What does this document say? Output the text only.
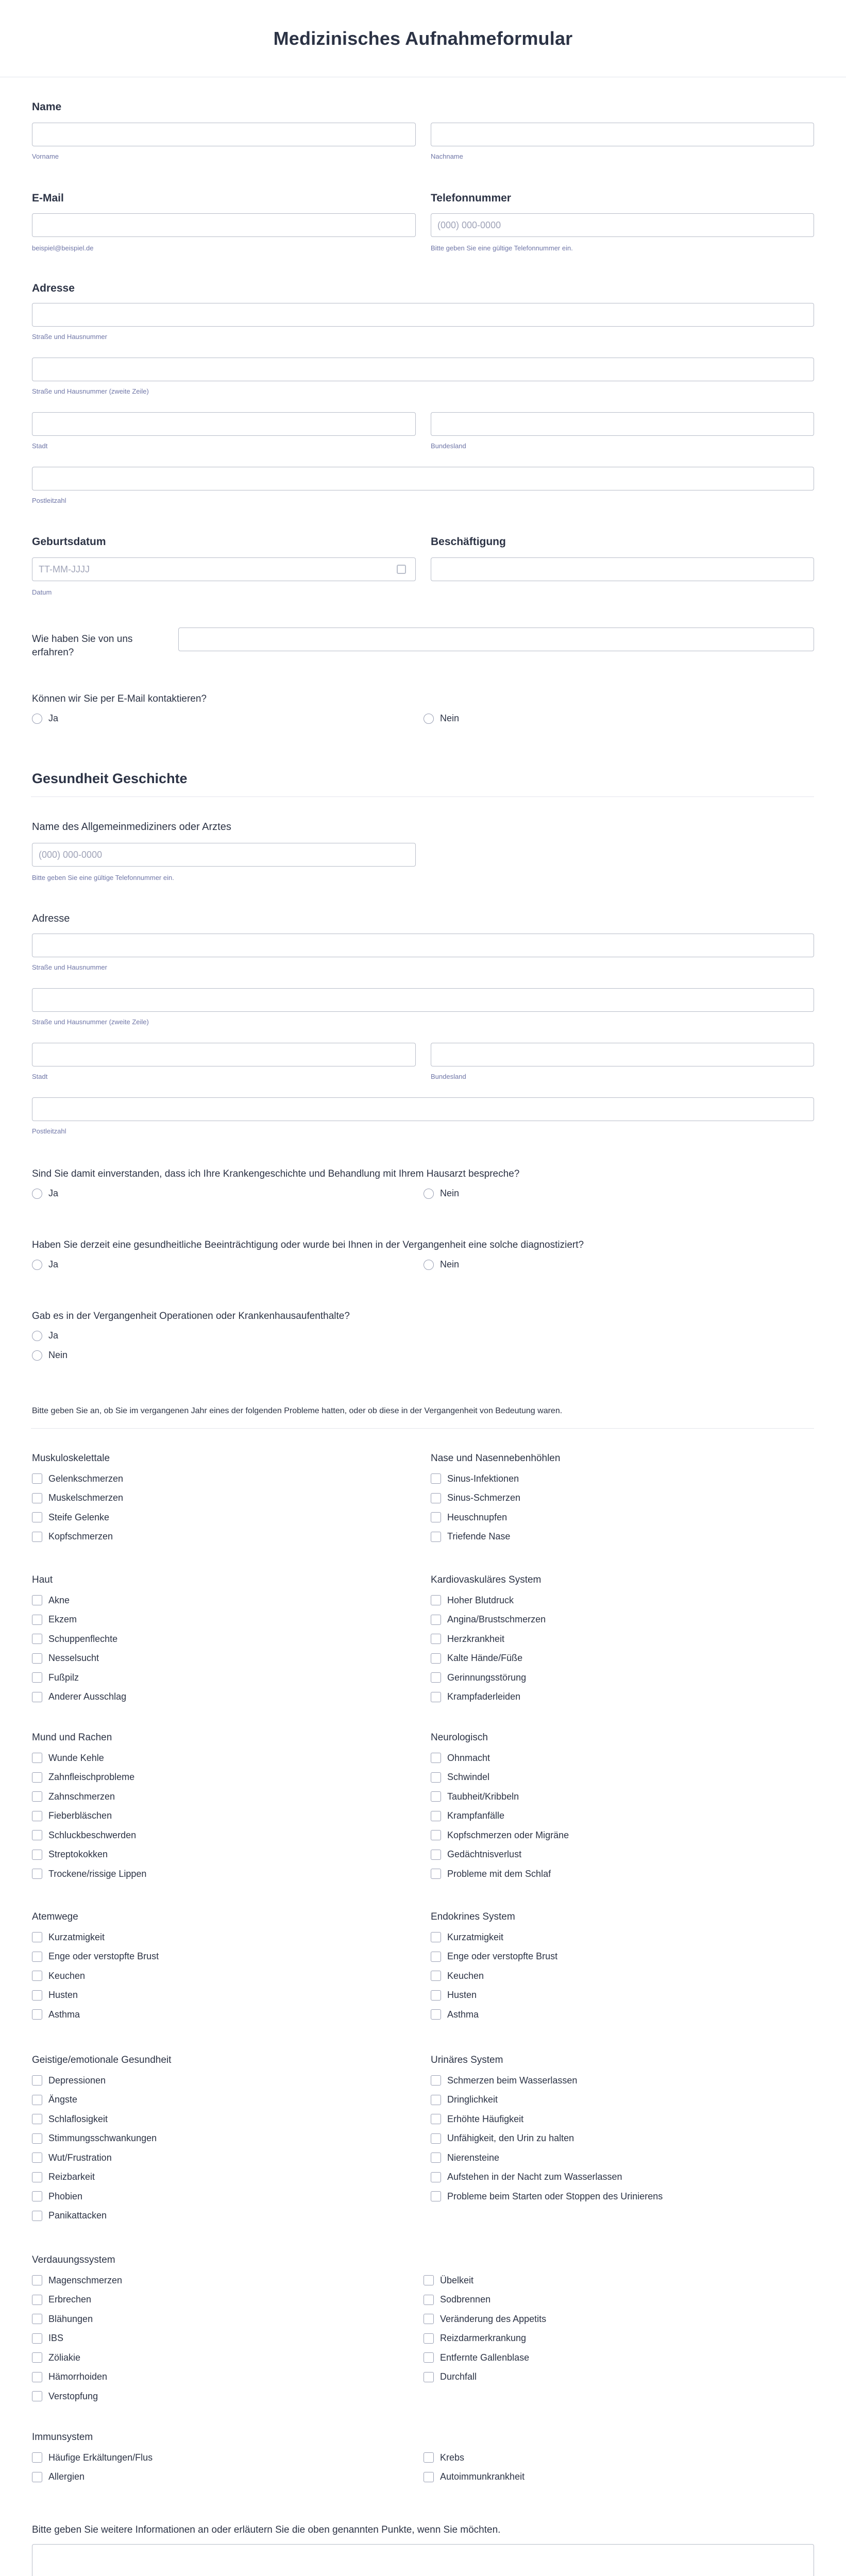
Medizinisches Aufnahmeformular
Name
Vorname	Nachname
E-Mail	Telefonnummer
(000) 000-0000
beispiel@beispiel.de	Bitte geben Sie eine gültige Telefonnummer ein.
Adresse
Straße und Hausnummer
Straße und Hausnummer (zweite Zeile)
Stadt	Bundesland
Postleitzahl
Geburtsdatum	Beschäftigung
TT-MM-JJJJ
Datum
Wie haben Sie von uns erfahren?
Können wir Sie per E-Mail kontaktieren?
Ja	Nein
Gesundheit Geschichte
Name des Allgemeinmediziners oder Arztes
(000) 000-0000
Bitte geben Sie eine gültige Telefonnummer ein.
Adresse
Straße und Hausnummer
Straße und Hausnummer (zweite Zeile)
Stadt	Bundesland
Postleitzahl
Sind Sie damit einverstanden, dass ich Ihre Krankengeschichte und Behandlung mit Ihrem Hausarzt bespreche?
Ja	Nein
Haben Sie derzeit eine gesundheitliche Beeinträchtigung oder wurde bei Ihnen in der Vergangenheit eine solche diagnostiziert?
Ja	Nein
Gab es in der Vergangenheit Operationen oder Krankenhausaufenthalte?
Ja
Nein
Bitte geben Sie an, ob Sie im vergangenen Jahr eines der folgenden Probleme hatten, oder ob diese in der Vergangenheit von Bedeutung waren.
Muskuloskelettale
Gelenkschmerzen
Muskelschmerzen
Steife Gelenke
Kopfschmerzen
Nase und Nasennebenhöhlen
Sinus-Infektionen
Sinus-Schmerzen
Heuschnupfen
Triefende Nase
Haut
Akne
Ekzem
Schuppenflechte
Nesselsucht
Fußpilz
Anderer Ausschlag
Kardiovaskuläres System
Hoher Blutdruck
Angina/Brustschmerzen
Herzkrankheit
Kalte Hände/Füße
Gerinnungsstörung
Krampfaderleiden
Mund und Rachen
Wunde Kehle
Zahnfleischprobleme
Zahnschmerzen
Fieberbläschen
Schluckbeschwerden
Streptokokken
Trockene/rissige Lippen
Neurologisch
Ohnmacht
Schwindel
Taubheit/Kribbeln
Krampfanfälle
Kopfschmerzen oder Migräne
Gedächtnisverlust
Probleme mit dem Schlaf
Atemwege
Kurzatmigkeit
Enge oder verstopfte Brust
Keuchen
Husten
Asthma
Endokrines System
Kurzatmigkeit
Enge oder verstopfte Brust
Keuchen
Husten
Asthma
Geistige/emotionale Gesundheit
Depressionen
Ängste
Schlaflosigkeit
Stimmungsschwankungen
Wut/Frustration
Reizbarkeit
Phobien
Panikattacken
Urinäres System
Schmerzen beim Wasserlassen
Dringlichkeit
Erhöhte Häufigkeit
Unfähigkeit, den Urin zu halten
Nierensteine
Aufstehen in der Nacht zum Wasserlassen
Probleme beim Starten oder Stoppen des Urinierens
Verdauungssystem
Magenschmerzen
Erbrechen
Blähungen
IBS
Zöliakie
Hämorrhoiden
Verstopfung
Übelkeit
Sodbrennen
Veränderung des Appetits
Reizdarmerkrankung
Entfernte Gallenblase
Durchfall
Immunsystem
Häufige Erkältungen/Flus
Allergien
Krebs
Autoimmunkrankheit
Bitte geben Sie weitere Informationen an oder erläutern Sie die oben genannten Punkte, wenn Sie möchten.
